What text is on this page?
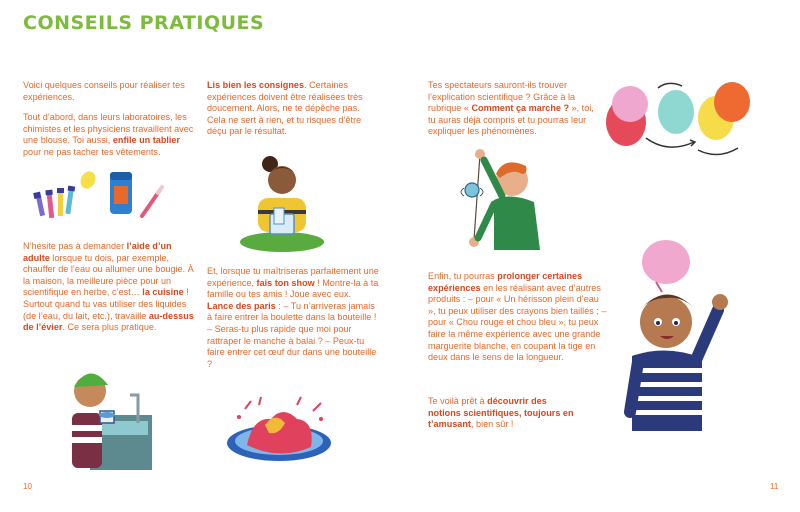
CONSEILS PRATIQUES
Voici quelques conseils pour réaliser tes expériences.
Tout d’abord, dans leurs laboratoires, les chimistes et les physiciens travaillent avec une blouse. Toi aussi, enfile un tablier pour ne pas tacher tes vêtements.
N’hésite pas à demander l’aide d’un adulte lorsque tu dois, par exemple, chauffer de l’eau ou allumer une bougie. À la maison, la meilleure pièce pour un scientifique en herbe, c’est… la cuisine ! Surtout quand tu vas utiliser des liquides (de l’eau, du lait, etc.), travaille au-dessus de l’évier. Ce sera plus pratique.
Lis bien les consignes. Certaines expériences doivent être réalisées très doucement. Alors, ne te dépêche pas. Cela ne sert à rien, et tu risques d’être déçu par le résultat.
Et, lorsque tu maîtriseras parfaitement une expérience, fais ton show ! Montre-la à ta famille ou tes amis ! Joue avec eux. Lance des paris : – Tu n’arriveras jamais à faire entrer la boulette dans la bouteille ! – Seras-tu plus rapide que moi pour rattraper le manche à balai ? – Peux-tu faire entrer cet œuf dur dans une bouteille ?
Tes spectateurs sauront-ils trouver l’explication scientifique ? Grâce à la rubrique « Comment ça marche ? », toi, tu auras déjà compris et tu pourras leur expliquer les phénomènes.
Enfin, tu pourras prolonger certaines expériences en les réalisant avec d’autres produits : – pour « Un hérisson plein d’eau », tu peux utiliser des crayons bien taillés ; – pour « Chou rouge et chou bleu », tu peux faire la même expérience avec une grande marguerite blanche, en coupant la tige en deux dans le sens de la longueur.
Te voilà prêt à découvrir des notions scientifiques, toujours en t’amusant, bien sûr !
10	11
